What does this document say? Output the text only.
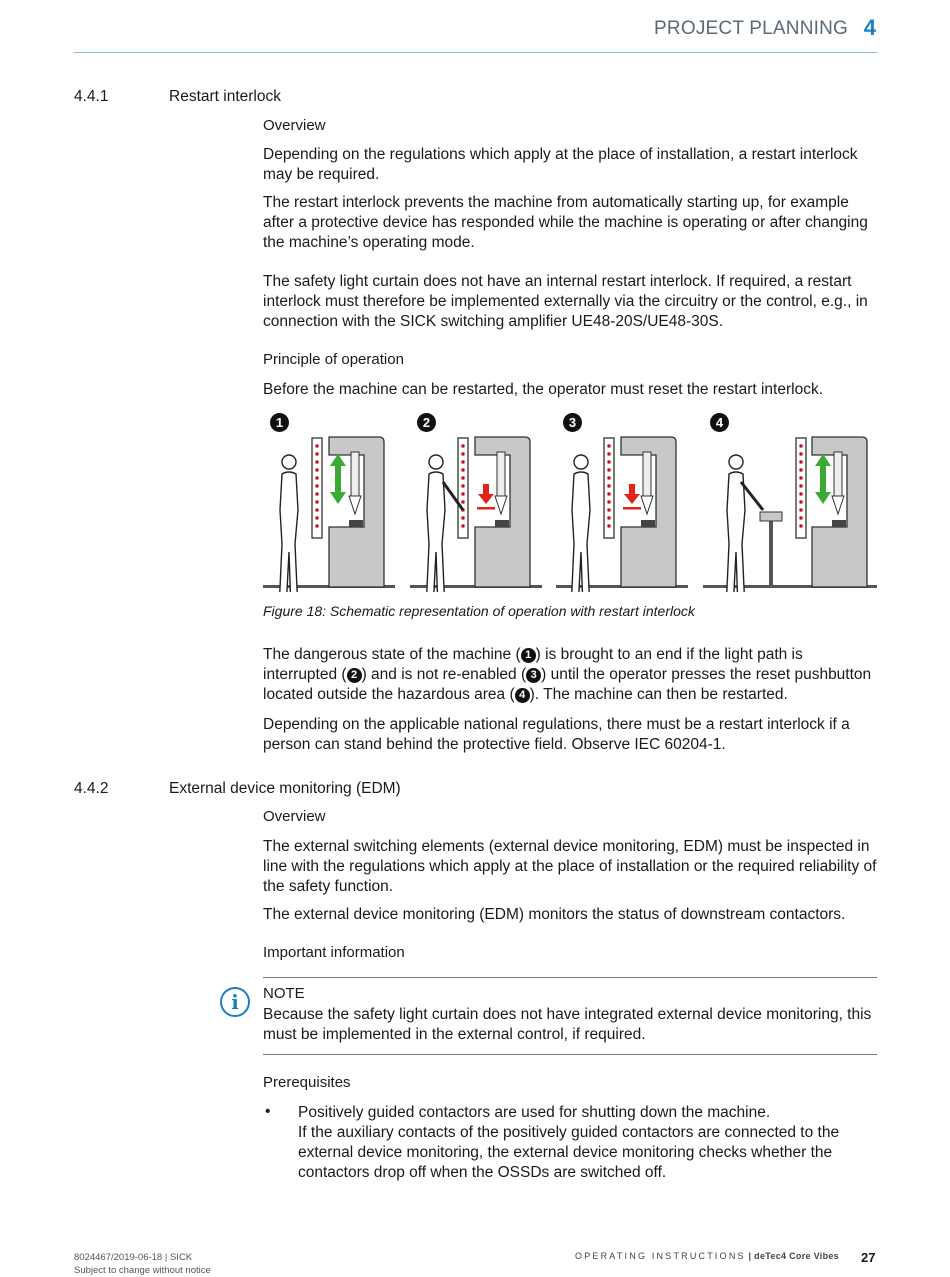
PROJECT PLANNING 4
4.4.1	Restart interlock
Overview

Depending on the regulations which apply at the place of installation, a restart interlock may be required.

The restart interlock prevents the machine from automatically starting up, for example after a protective device has responded while the machine is operating or after changing the machine’s operating mode.

The safety light curtain does not have an internal restart interlock. If required, a restart interlock must therefore be implemented externally via the circuitry or the control, e.g., in connection with the SICK switching amplifier UE48-20S/UE48-30S.

Principle of operation

Before the machine can be restarted, the operator must reset the restart interlock.

1	2	3	4
Figure 18: Schematic representation of operation with restart interlock

The dangerous state of the machine ( 1 ) is brought to an end if the light path is interrupted ( 2 ) and is not re-enabled ( 3 ) until the operator presses the reset pushbutton located outside the hazardous area ( 4 ). The machine can then be restarted.

Depending on the applicable national regulations, there must be a restart interlock if a person can stand behind the protective field. Observe IEC 60204-1.

4.4.2	External device monitoring (EDM)
Overview

The external switching elements (external device monitoring, EDM) must be inspected in line with the regulations which apply at the place of installation or the required reliability of the safety function.

The external device monitoring (EDM) monitors the status of downstream contactors.

Important information
i	NOTE

Because the safety light curtain does not have integrated external device monitoring, this must be implemented in the external control, if required.

Prerequisites
• Positively guided contactors are used for shutting down the machine.

If the auxiliary contacts of the positively guided contactors are connected to the external device monitoring, the external device monitoring checks whether the contactors drop off when the OSSDs are switched off.

8024467/2019-06-18 | SICK
Subject to change without notice
OPERATING INSTRUCTIONS | deTec4 Core Vibes 27
